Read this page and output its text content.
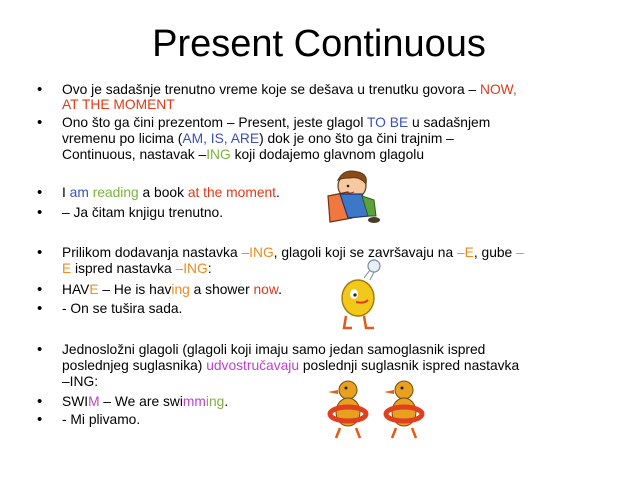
Present Continuous
• Ovo je sadašnje trenutno vreme koje se dešava u trenutku govora – NOW,
AT THE MOMENT
• Ono što ga čini prezentom – Present, jeste glagol TO BE u sadašnjem
vremenu po licima (AM, IS, ARE) dok je ono što ga čini trajnim –
Continuous, nastavak –ING koji dodajemo glavnom glagolu
• I am reading a book at the moment.
• – Ja čitam knjigu trenutno.
• Prilikom dodavanja nastavka –ING, glagoli koji se završavaju na –E, gube –
E ispred nastavka –ING:
• HAVE – He is having a shower now.
• - On se tušira sada.
• Jednosložni glagoli (glagoli koji imaju samo jedan samoglasnik ispred
poslednjeg suglasnika) udvostručavaju poslednji suglasnik ispred nastavka
–ING:
• SWIM – We are swimming.
• - Mi plivamo.
